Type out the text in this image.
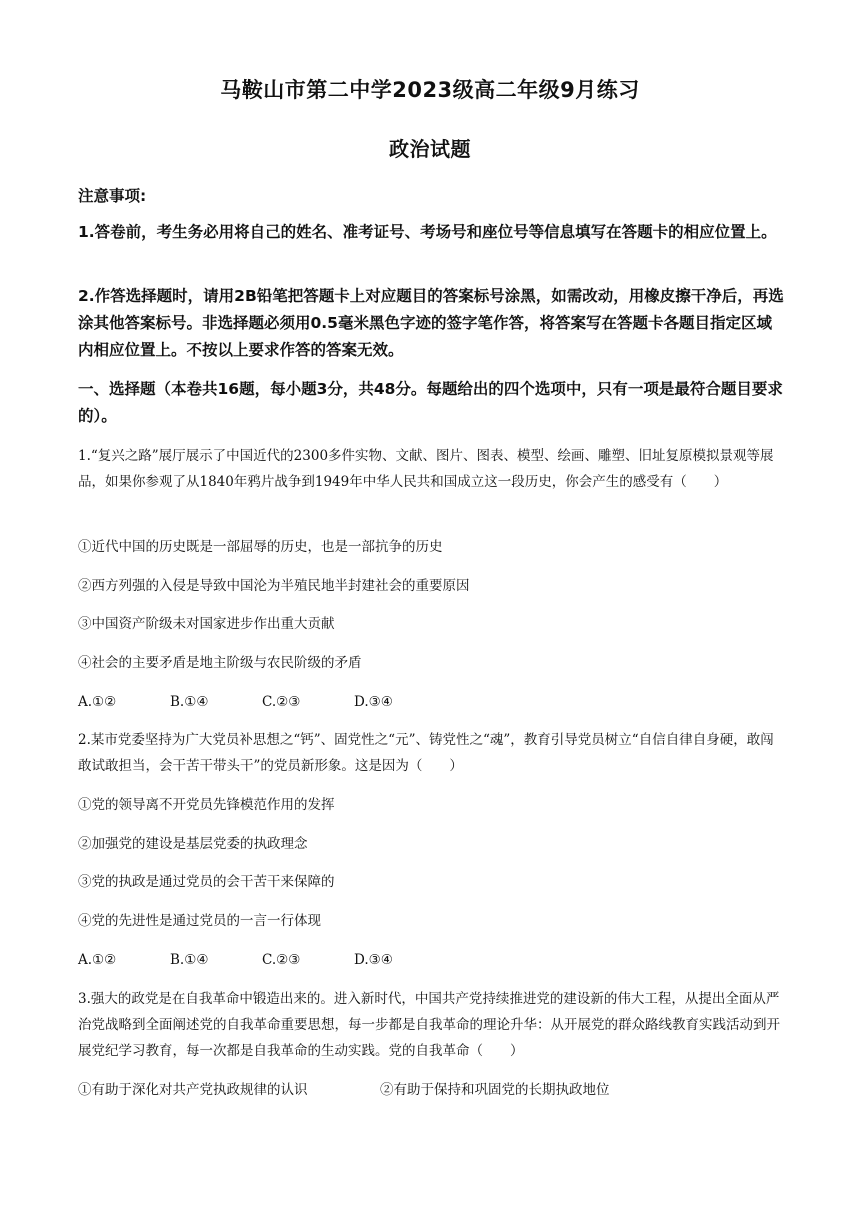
马鞍山市第二中学2023级高二年级9月练习
政治试题
注意事项:
1.答卷前，考生务必用将自己的姓名、准考证号、考场号和座位号等信息填写在答题卡的相应位置上。
2.作答选择题时，请用2B铅笔把答题卡上对应题目的答案标号涂黑，如需改动，用橡皮擦干净后，再选涂其他答案标号。非选择题必须用0.5毫米黑色字迹的签字笔作答，将答案写在答题卡各题目指定区域内相应位置上。不按以上要求作答的答案无效。
一、选择题（本卷共16题，每小题3分，共48分。每题给出的四个选项中，只有一项是最符合题目要求的）。
1.“复兴之路”展厅展示了中国近代的2300多件实物、文献、图片、图表、模型、绘画、雕塑、旧址复原模拟景观等展品，如果你参观了从1840年鸦片战争到1949年中华人民共和国成立这一段历史，你会产生的感受有（　　）
①近代中国的历史既是一部屈辱的历史，也是一部抗争的历史
②西方列强的入侵是导致中国沦为半殖民地半封建社会的重要原因
③中国资产阶级未对国家进步作出重大贡献
④社会的主要矛盾是地主阶级与农民阶级的矛盾
A.①②	B.①④	C.②③	D.③④
2.某市党委坚持为广大党员补思想之“钙”、固党性之“元”、铸党性之“魂”，教育引导党员树立“自信自律自身硬，敢闯敢试敢担当，会干苦干带头干”的党员新形象。这是因为（　　）
①党的领导离不开党员先锋模范作用的发挥
②加强党的建设是基层党委的执政理念
③党的执政是通过党员的会干苦干来保障的
④党的先进性是通过党员的一言一行体现
A.①②	B.①④	C.②③	D.③④
3.强大的政党是在自我革命中锻造出来的。进入新时代，中国共产党持续推进党的建设新的伟大工程，从提出全面从严治党战略到全面阐述党的自我革命重要思想，每一步都是自我革命的理论升华：从开展党的群众路线教育实践活动到开展党纪学习教育，每一次都是自我革命的生动实践。党的自我革命（　　）
①有助于深化对共产党执政规律的认识	②有助于保持和巩固党的长期执政地位
